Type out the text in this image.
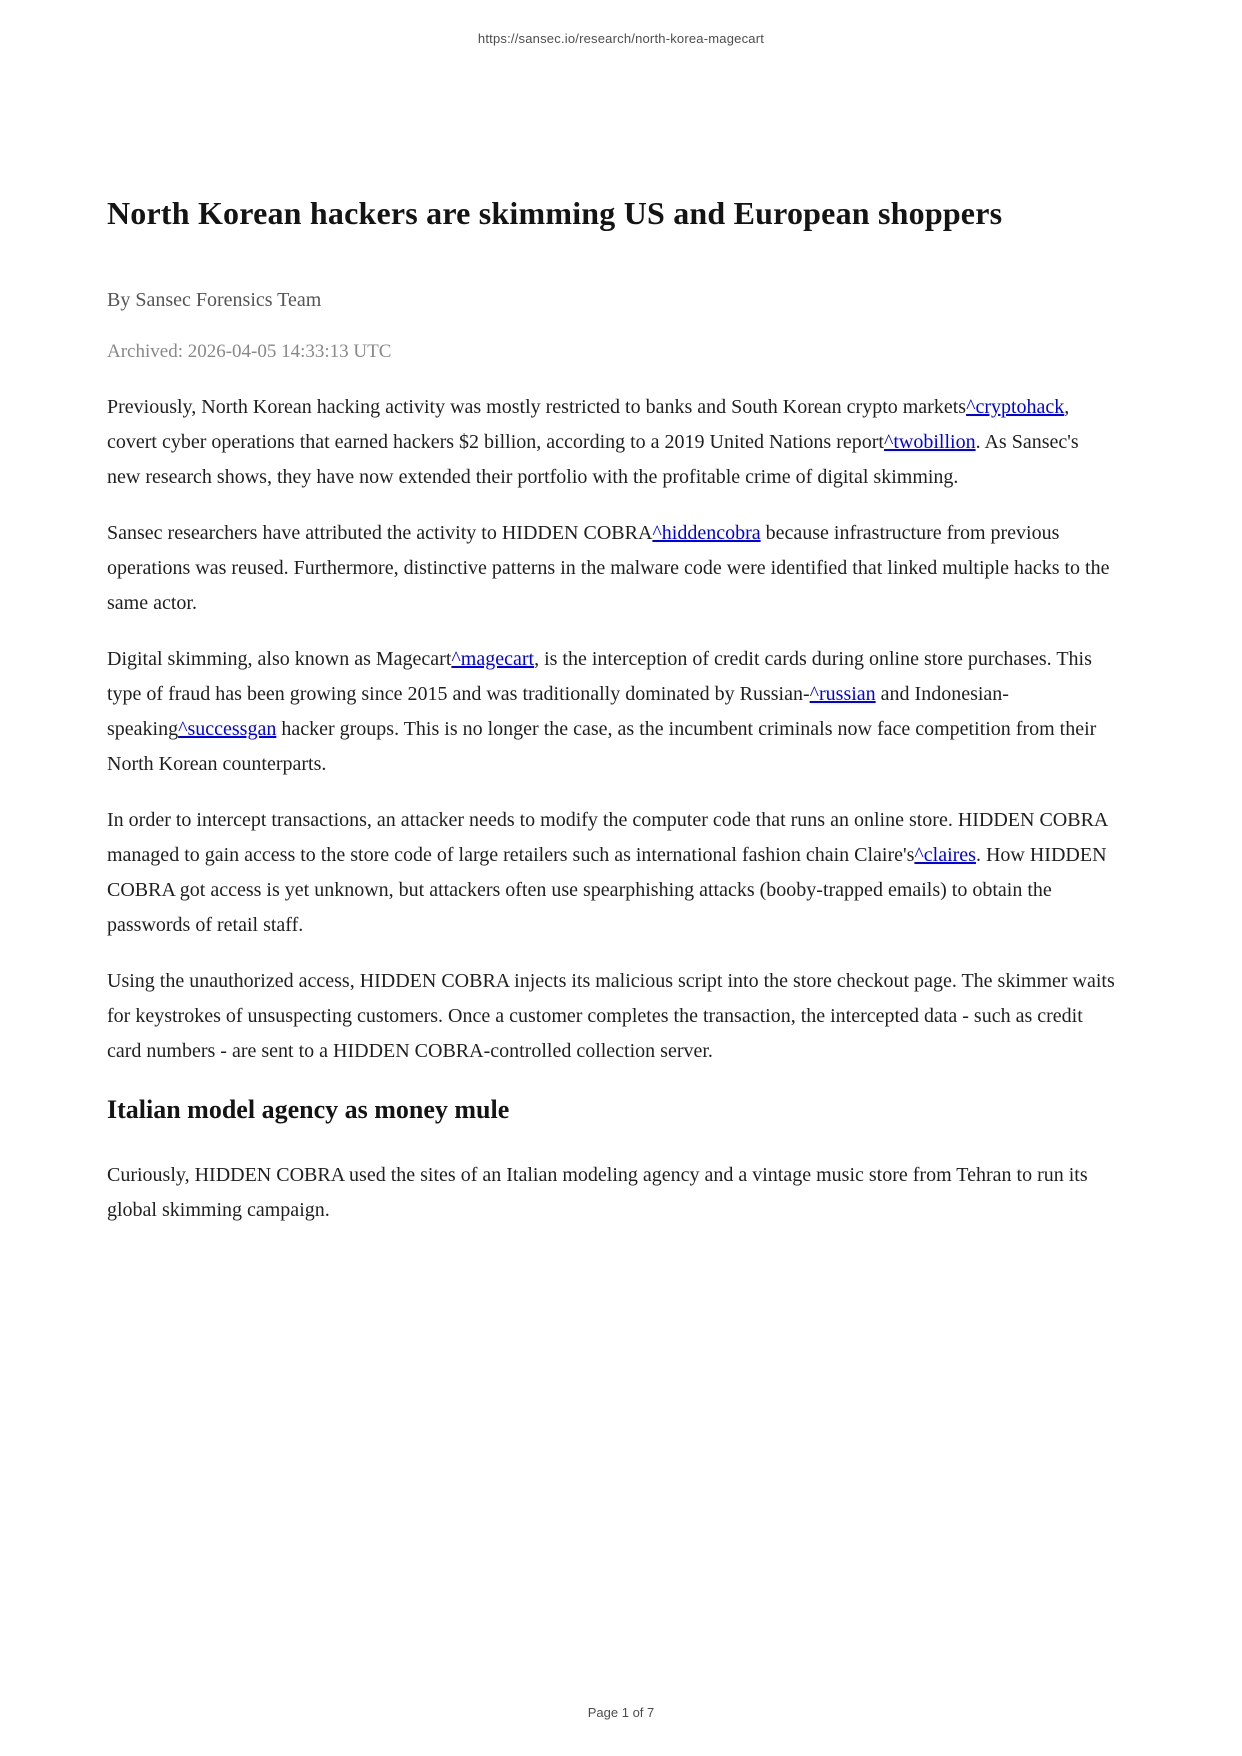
https://sansec.io/research/north-korea-magecart
North Korean hackers are skimming US and European shoppers
By Sansec Forensics Team
Archived: 2026-04-05 14:33:13 UTC

Previously, North Korean hacking activity was mostly restricted to banks and South Korean crypto markets^cryptohack, covert cyber operations that earned hackers $2 billion, according to a 2019 United Nations report^twobillion. As Sansec's new research shows, they have now extended their portfolio with the profitable crime of digital skimming.

Sansec researchers have attributed the activity to HIDDEN COBRA^hiddencobra because infrastructure from previous operations was reused. Furthermore, distinctive patterns in the malware code were identified that linked multiple hacks to the same actor.

Digital skimming, also known as Magecart^magecart, is the interception of credit cards during online store purchases. This type of fraud has been growing since 2015 and was traditionally dominated by Russian-^russian and Indonesian-speaking^successgan hacker groups. This is no longer the case, as the incumbent criminals now face competition from their North Korean counterparts.

In order to intercept transactions, an attacker needs to modify the computer code that runs an online store. HIDDEN COBRA managed to gain access to the store code of large retailers such as international fashion chain Claire's^claires. How HIDDEN COBRA got access is yet unknown, but attackers often use spearphishing attacks (booby-trapped emails) to obtain the passwords of retail staff.

Using the unauthorized access, HIDDEN COBRA injects its malicious script into the store checkout page. The skimmer waits for keystrokes of unsuspecting customers. Once a customer completes the transaction, the intercepted data - such as credit card numbers - are sent to a HIDDEN COBRA-controlled collection server.

Italian model agency as money mule

Curiously, HIDDEN COBRA used the sites of an Italian modeling agency and a vintage music store from Tehran to run its global skimming campaign.

Page 1 of 7
